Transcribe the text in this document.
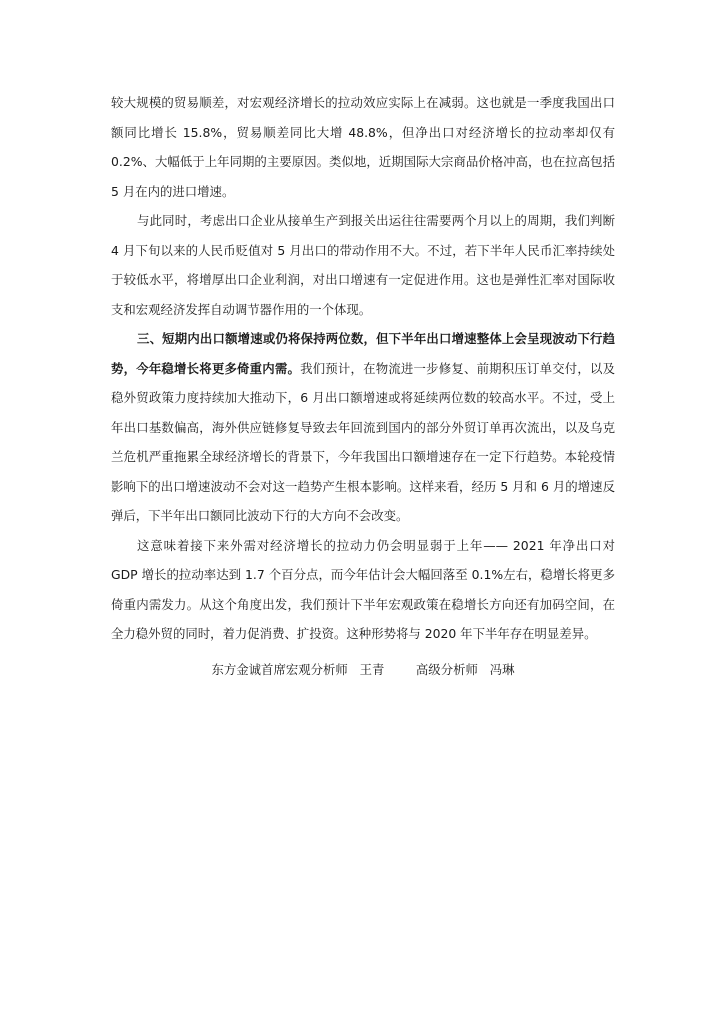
较大规模的贸易顺差，对宏观经济增长的拉动效应实际上在减弱。这也就是一季度我国出口额同比增长 15.8%，贸易顺差同比大增 48.8%，但净出口对经济增长的拉动率却仅有 0.2%、大幅低于上年同期的主要原因。类似地，近期国际大宗商品价格冲高，也在拉高包括 5 月在内的进口增速。

与此同时，考虑出口企业从接单生产到报关出运往往需要两个月以上的周期，我们判断 4 月下旬以来的人民币贬值对 5 月出口的带动作用不大。不过，若下半年人民币汇率持续处于较低水平，将增厚出口企业利润，对出口增速有一定促进作用。这也是弹性汇率对国际收支和宏观经济发挥自动调节器作用的一个体现。

三、短期内出口额增速或仍将保持两位数，但下半年出口增速整体上会呈现波动下行趋势，今年稳增长将更多倚重内需。我们预计，在物流进一步修复、前期积压订单交付，以及稳外贸政策力度持续加大推动下，6 月出口额增速或将延续两位数的较高水平。不过，受上年出口基数偏高，海外供应链修复导致去年回流到国内的部分外贸订单再次流出，以及乌克兰危机严重拖累全球经济增长的背景下，今年我国出口额增速存在一定下行趋势。本轮疫情影响下的出口增速波动不会对这一趋势产生根本影响。这样来看，经历 5 月和 6 月的增速反弹后，下半年出口额同比波动下行的大方向不会改变。

这意味着接下来外需对经济增长的拉动力仍会明显弱于上年—— 2021 年净出口对 GDP 增长的拉动率达到 1.7 个百分点，而今年估计会大幅回落至 0.1%左右，稳增长将更多倚重内需发力。从这个角度出发，我们预计下半年宏观政策在稳增长方向还有加码空间，在全力稳外贸的同时，着力促消费、扩投资。这种形势将与 2020 年下半年存在明显差异。

东方金诚首席宏观分析师   王青	高级分析师   冯琳
